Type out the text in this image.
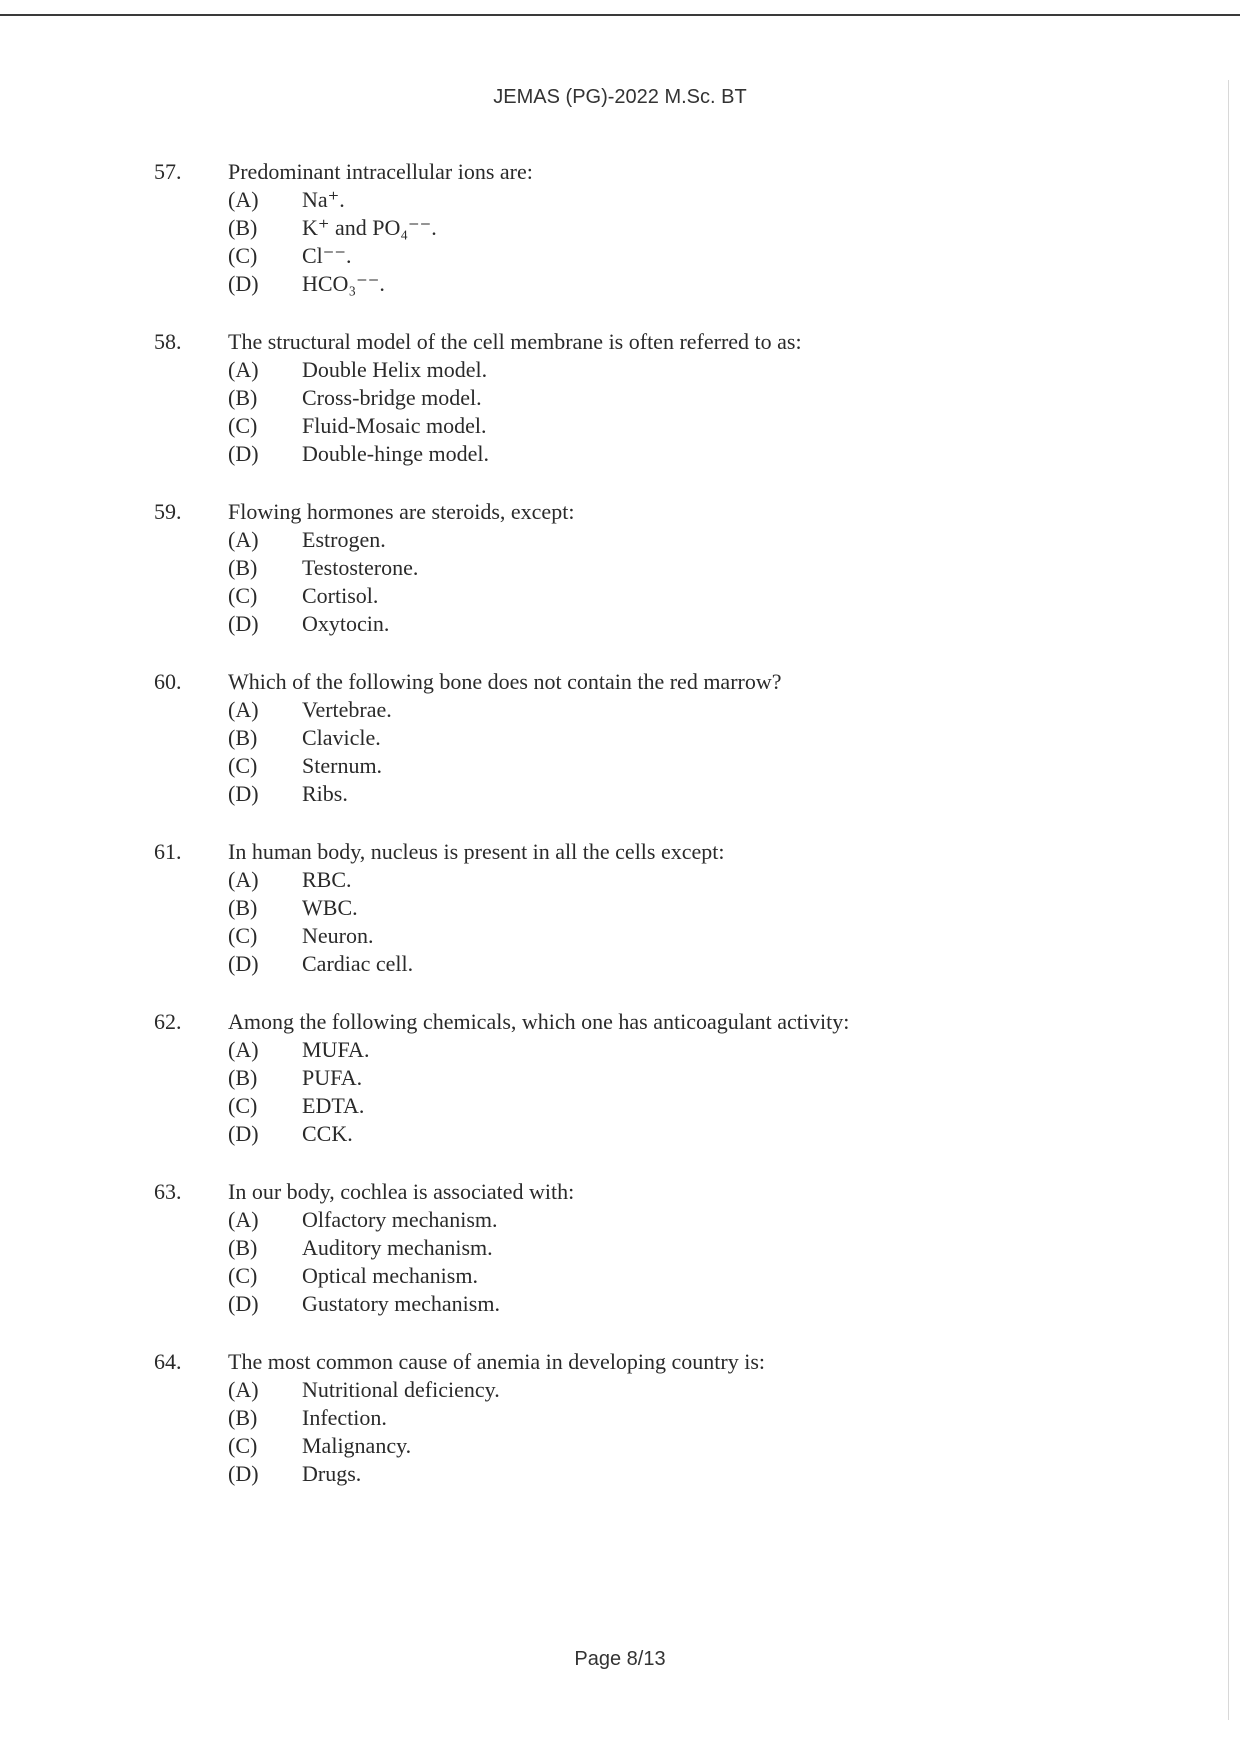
JEMAS (PG)-2022 M.Sc. BT
57. Predominant intracellular ions are:
(A) Na⁺.
(B) K⁺ and PO₄⁻⁻.
(C) Cl⁻⁻.
(D) HCO₃⁻⁻.
58. The structural model of the cell membrane is often referred to as:
(A) Double Helix model.
(B) Cross-bridge model.
(C) Fluid-Mosaic model.
(D) Double-hinge model.
59. Flowing hormones are steroids, except:
(A) Estrogen.
(B) Testosterone.
(C) Cortisol.
(D) Oxytocin.
60. Which of the following bone does not contain the red marrow?
(A) Vertebrae.
(B) Clavicle.
(C) Sternum.
(D) Ribs.
61. In human body, nucleus is present in all the cells except:
(A) RBC.
(B) WBC.
(C) Neuron.
(D) Cardiac cell.
62. Among the following chemicals, which one has anticoagulant activity:
(A) MUFA.
(B) PUFA.
(C) EDTA.
(D) CCK.
63. In our body, cochlea is associated with:
(A) Olfactory mechanism.
(B) Auditory mechanism.
(C) Optical mechanism.
(D) Gustatory mechanism.
64. The most common cause of anemia in developing country is:
(A) Nutritional deficiency.
(B) Infection.
(C) Malignancy.
(D) Drugs.
Page 8/13
